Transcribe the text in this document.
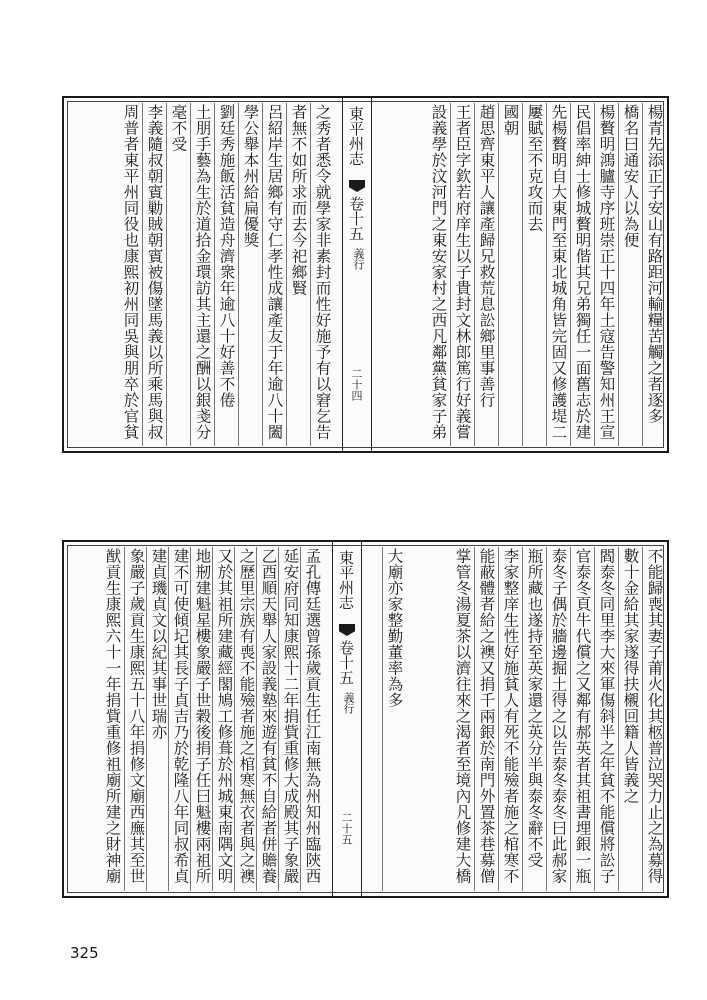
楊青先添正子安山有路距河輸糧苦觸之者逐多
橋名曰通安人以為便
楊贅明鴻臚寺序班崇正十四年土寇告警知州王宣
民倡率紳士修城贅明偕其兄弟獨任一面舊志於建
先楊贅明自大東門至東北城角皆完固又修護堤二
屢賦至不克攻而去
國朝
趙思齊東平人讓產歸兄救荒息訟鄉里事善行
王者臣字欽若府庠生以子貴封文林郎篤行好義嘗
設義學於汶河門之東安家村之西凡鄰黨貧家子弟
東平州志
卷十五
義行
二十四
之秀者悉令就學家非素封而性好施予有以窘乞告
者無不如所求而去今祀鄉賢
呂紹岸生居鄉有守仁孝性成讓產友于年逾八十闔
學公舉本州給扁優獎
劉廷秀施飯活貧造舟濟衆年逾八十好善不倦
土朋手藝為生於道拾金環訪其主還之酬以銀戔分
毫不受
李義隨叔朝賓勦賊朝賓被傷墜馬義以所乘馬與叔
周普者東平州同役也康熙初州同吳與朋卒於官貧
不能歸喪其妻子莆火化其柩普泣哭力止之為募得
數十金給其家遂得扶櫬回籍人皆義之
閻泰冬同里李大來軍傷斜半之年貧不能償將訟子
官泰冬頁牛代償之又鄰有郝英者其祖書埋銀一瓶
泰冬子偶於牆邊掘土得之以告泰冬泰冬曰此郝家
瓶所藏也遂持至英家還之英分半與泰冬辭不受
李家整庠生性好施貧人有死不能殮者施之棺寒不
能蔽體者給之襖又捐千兩銀於南門外置茶巷募僧
掌管冬湯夏茶以濟往來之渴者至境內凡修建大橋
東平州志
卷十五
義行
二十五
大廟亦家整勤董率為多
孟孔傳廷選曾孫歲貢生任江南無為州知州臨陝西
延安府同知康熙十二年捐貲重修大成殿其子象嚴
乙酉順天舉人家設義塾來遊有貧不自給者併贍養
之歷里宗族有喪不能殮者施之棺寒無衣者與之襖
又於其祖所建藏經閣鳩工修葺於州城東南隅文明
地剏建魁星樓象嚴子世穀後捐子任曰魁樓兩祖所
建不可使傾圮其長子貞吉乃於乾隆八年同叔希貞
建貞璣貞文以紀其事世瑞亦
象嚴子歲貢生康熙五十八年捐修文廟西廡其至世
猷貢生康熙六十一年捐貲重修祖廟所建之財神廟
325
